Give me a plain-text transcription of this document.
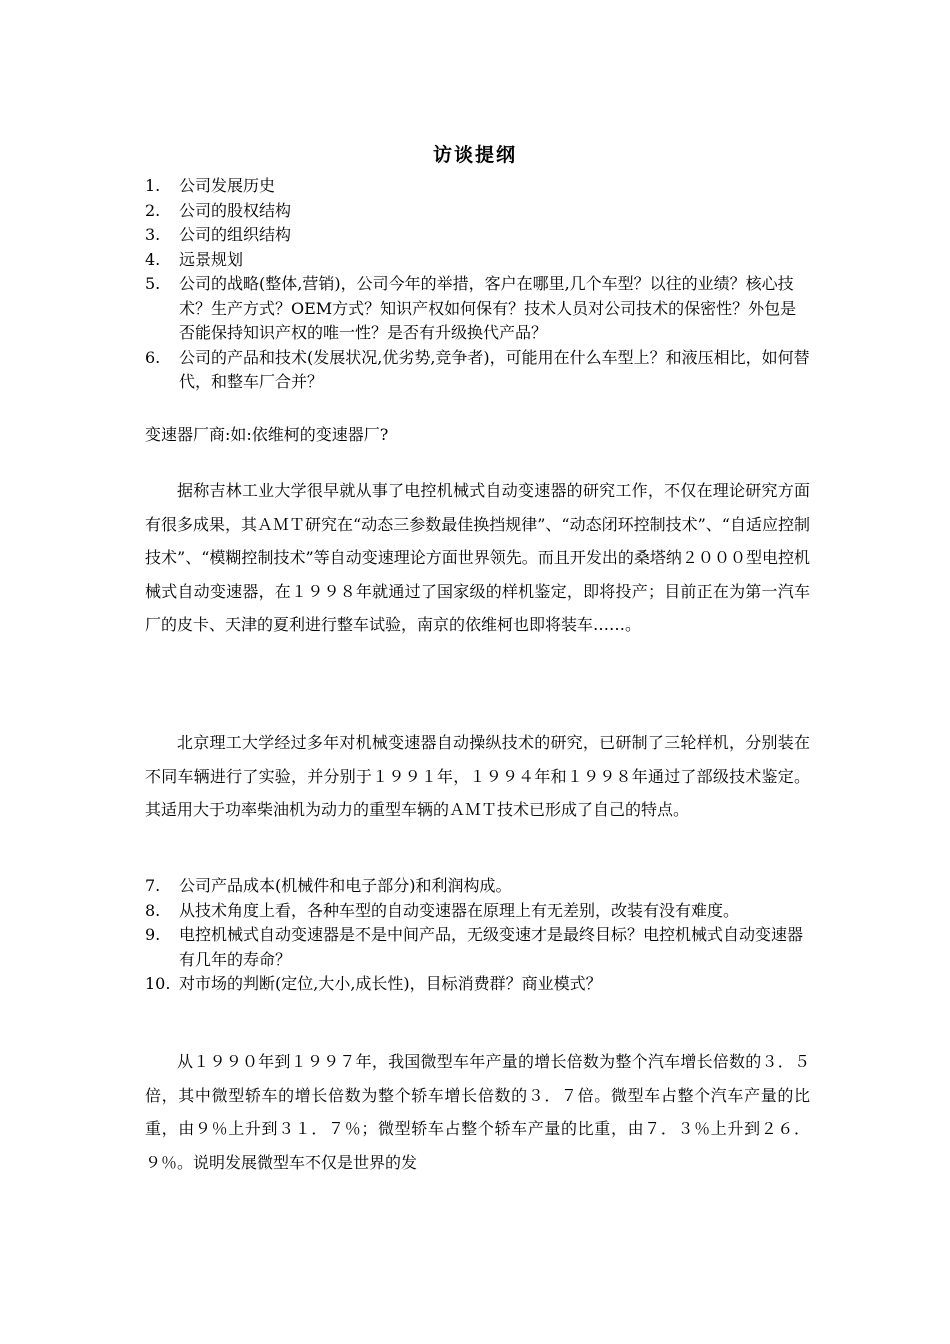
访谈提纲
1.	公司发展历史
2.	公司的股权结构
3.	公司的组织结构
4.	远景规划
5.	公司的战略(整体,营销)，公司今年的举措，客户在哪里,几个车型？以往的业绩？核心技术？生产方式？OEM方式？知识产权如何保有？技术人员对公司技术的保密性？外包是否能保持知识产权的唯一性？是否有升级换代产品？
6.	公司的产品和技术(发展状况,优劣势,竞争者)，可能用在什么车型上？和液压相比，如何替代，和整车厂合并？
变速器厂商:如:依维柯的变速器厂?

据称吉林工业大学很早就从事了电控机械式自动变速器的研究工作，不仅在理论研究方面有很多成果，其ＡＭＴ研究在“动态三参数最佳换挡规律”、“动态闭环控制技术”、“自适应控制技术”、“模糊控制技术”等自动变速理论方面世界领先。而且开发出的桑塔纳２０００型电控机械式自动变速器，在１９９８年就通过了国家级的样机鉴定，即将投产；目前正在为第一汽车厂的皮卡、天津的夏利进行整车试验，南京的依维柯也即将装车……。

北京理工大学经过多年对机械变速器自动操纵技术的研究，已研制了三轮样机，分别装在不同车辆进行了实验，并分别于１９９１年，１９９４年和１９９８年通过了部级技术鉴定。其适用大于功率柴油机为动力的重型车辆的ＡＭＴ技术已形成了自己的特点。

7.	公司产品成本(机械件和电子部分)和利润构成。
8.	从技术角度上看，各种车型的自动变速器在原理上有无差别，改装有没有难度。
9.	电控机械式自动变速器是不是中间产品，无级变速才是最终目标？电控机械式自动变速器有几年的寿命？
10. 对市场的判断(定位,大小,成长性)，目标消费群？商业模式？

从１９９０年到１９９７年，我国微型车年产量的增长倍数为整个汽车增长倍数的３．５倍，其中微型轿车的增长倍数为整个轿车增长倍数的３．７倍。微型车占整个汽车产量的比重，由９％上升到３１．７％；微型轿车占整个轿车产量的比重，由７．３％上升到２６．９％。说明发展微型车不仅是世界的发
